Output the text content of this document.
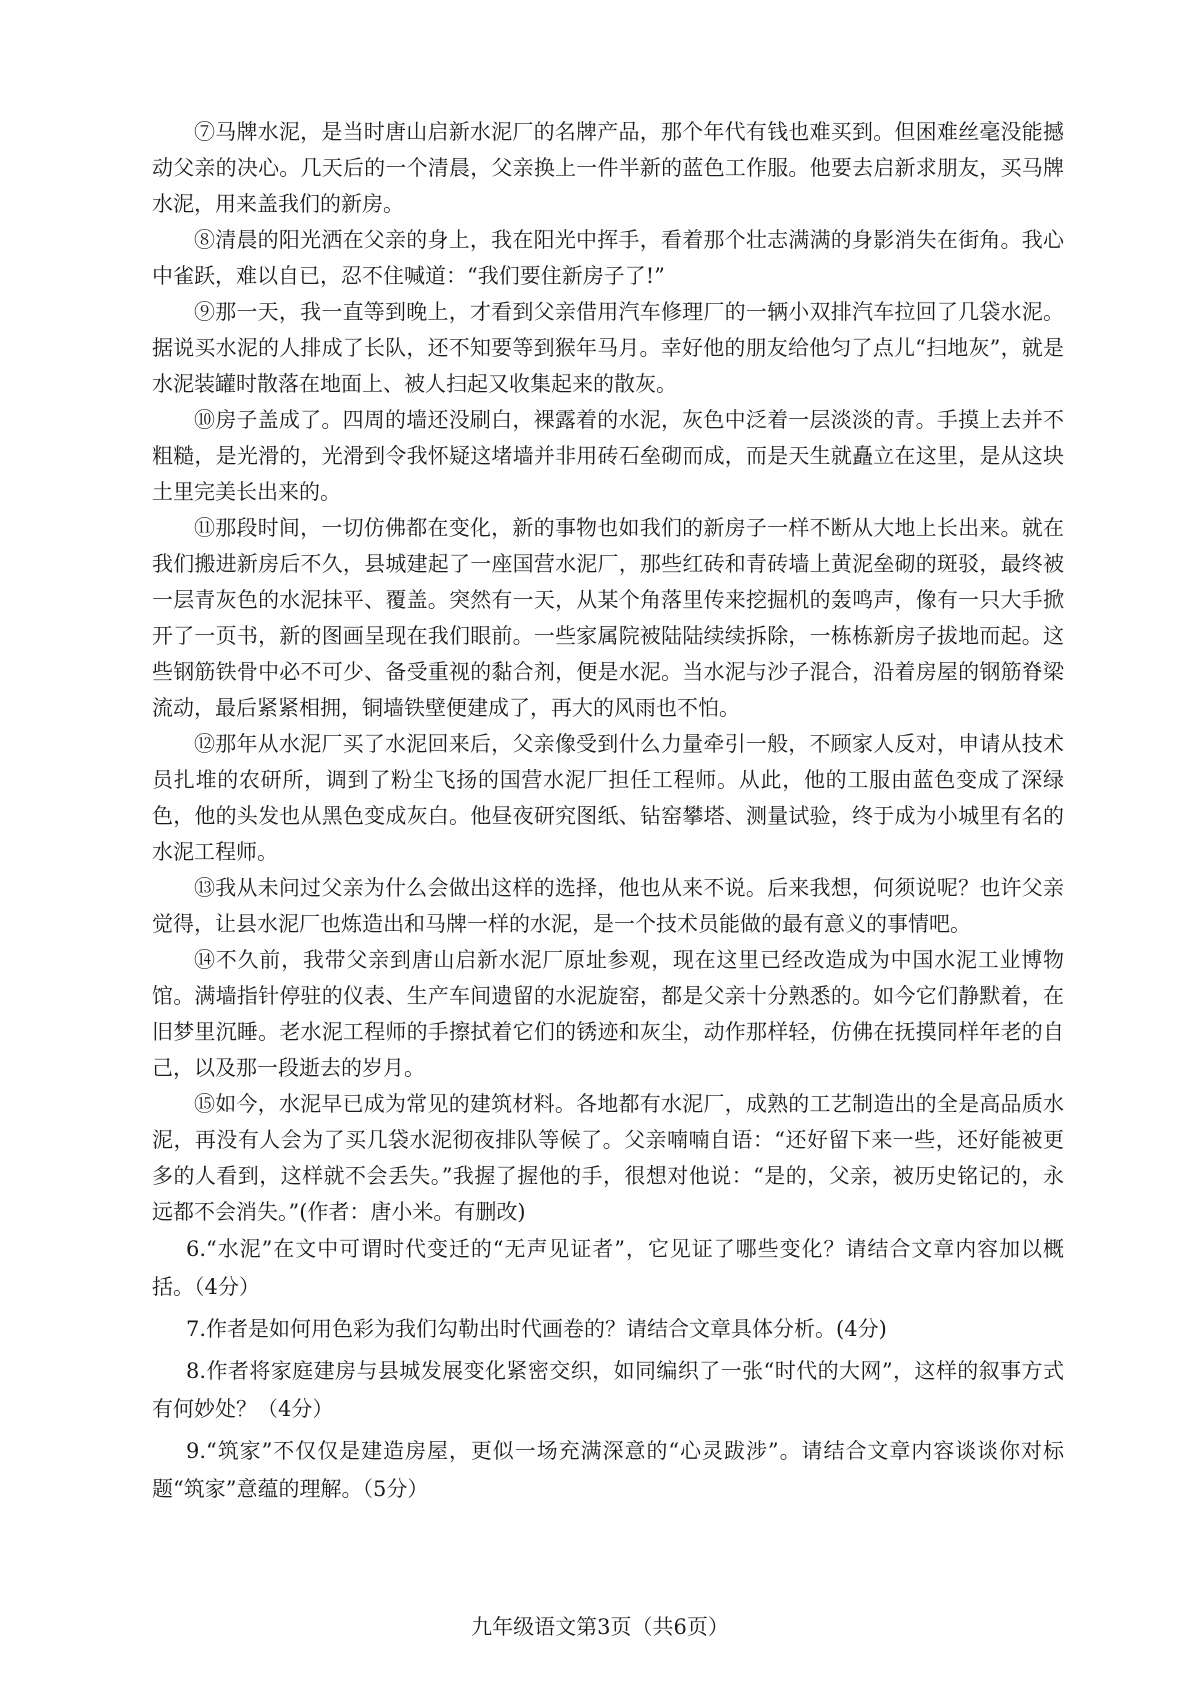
⑦马牌水泥，是当时唐山启新水泥厂的名牌产品，那个年代有钱也难买到。但困难丝毫没能撼动父亲的决心。几天后的一个清晨，父亲换上一件半新的蓝色工作服。他要去启新求朋友，买马牌水泥，用来盖我们的新房。

⑧清晨的阳光洒在父亲的身上，我在阳光中挥手，看着那个壮志满满的身影消失在街角。我心中雀跃，难以自已，忍不住喊道：“我们要住新房子了!”

⑨那一天，我一直等到晚上，才看到父亲借用汽车修理厂的一辆小双排汽车拉回了几袋水泥。据说买水泥的人排成了长队，还不知要等到猴年马月。幸好他的朋友给他匀了点儿“扫地灰”，就是水泥装罐时散落在地面上、被人扫起又收集起来的散灰。

⑩房子盖成了。四周的墙还没刷白，裸露着的水泥，灰色中泛着一层淡淡的青。手摸上去并不粗糙，是光滑的，光滑到令我怀疑这堵墙并非用砖石垒砌而成，而是天生就矗立在这里，是从这块土里完美长出来的。

⑪那段时间，一切仿佛都在变化，新的事物也如我们的新房子一样不断从大地上长出来。就在我们搬进新房后不久，县城建起了一座国营水泥厂，那些红砖和青砖墙上黄泥垒砌的斑驳，最终被一层青灰色的水泥抹平、覆盖。突然有一天，从某个角落里传来挖掘机的轰鸣声，像有一只大手掀开了一页书，新的图画呈现在我们眼前。一些家属院被陆陆续续拆除，一栋栋新房子拔地而起。这些钢筋铁骨中必不可少、备受重视的黏合剂，便是水泥。当水泥与沙子混合，沿着房屋的钢筋脊梁流动，最后紧紧相拥，铜墙铁壁便建成了，再大的风雨也不怕。

⑫那年从水泥厂买了水泥回来后，父亲像受到什么力量牵引一般，不顾家人反对，申请从技术员扎堆的农研所，调到了粉尘飞扬的国营水泥厂担任工程师。从此，他的工服由蓝色变成了深绿色，他的头发也从黑色变成灰白。他昼夜研究图纸、钻窑攀塔、测量试验，终于成为小城里有名的水泥工程师。

⑬我从未问过父亲为什么会做出这样的选择，他也从来不说。后来我想，何须说呢？也许父亲觉得，让县水泥厂也炼造出和马牌一样的水泥，是一个技术员能做的最有意义的事情吧。

⑭不久前，我带父亲到唐山启新水泥厂原址参观，现在这里已经改造成为中国水泥工业博物馆。满墙指针停驻的仪表、生产车间遗留的水泥旋窑，都是父亲十分熟悉的。如今它们静默着，在旧梦里沉睡。老水泥工程师的手擦拭着它们的锈迹和灰尘，动作那样轻，仿佛在抚摸同样年老的自己，以及那一段逝去的岁月。

⑮如今，水泥早已成为常见的建筑材料。各地都有水泥厂，成熟的工艺制造出的全是高品质水泥，再没有人会为了买几袋水泥彻夜排队等候了。父亲喃喃自语：“还好留下来一些，还好能被更多的人看到，这样就不会丢失。”我握了握他的手，很想对他说：“是的，父亲，被历史铭记的，永远都不会消失。”(作者：唐小米。有删改)

6.“水泥”在文中可谓时代变迁的“无声见证者”，它见证了哪些变化？请结合文章内容加以概括。（4分）

7.作者是如何用色彩为我们勾勒出时代画卷的？请结合文章具体分析。(4分)

8.作者将家庭建房与县城发展变化紧密交织，如同编织了一张“时代的大网”，这样的叙事方式有何妙处？（4分）

9.“筑家”不仅仅是建造房屋，更似一场充满深意的“心灵跋涉”。请结合文章内容谈谈你对标题“筑家”意蕴的理解。（5分）

九年级语文第3页（共6页）
